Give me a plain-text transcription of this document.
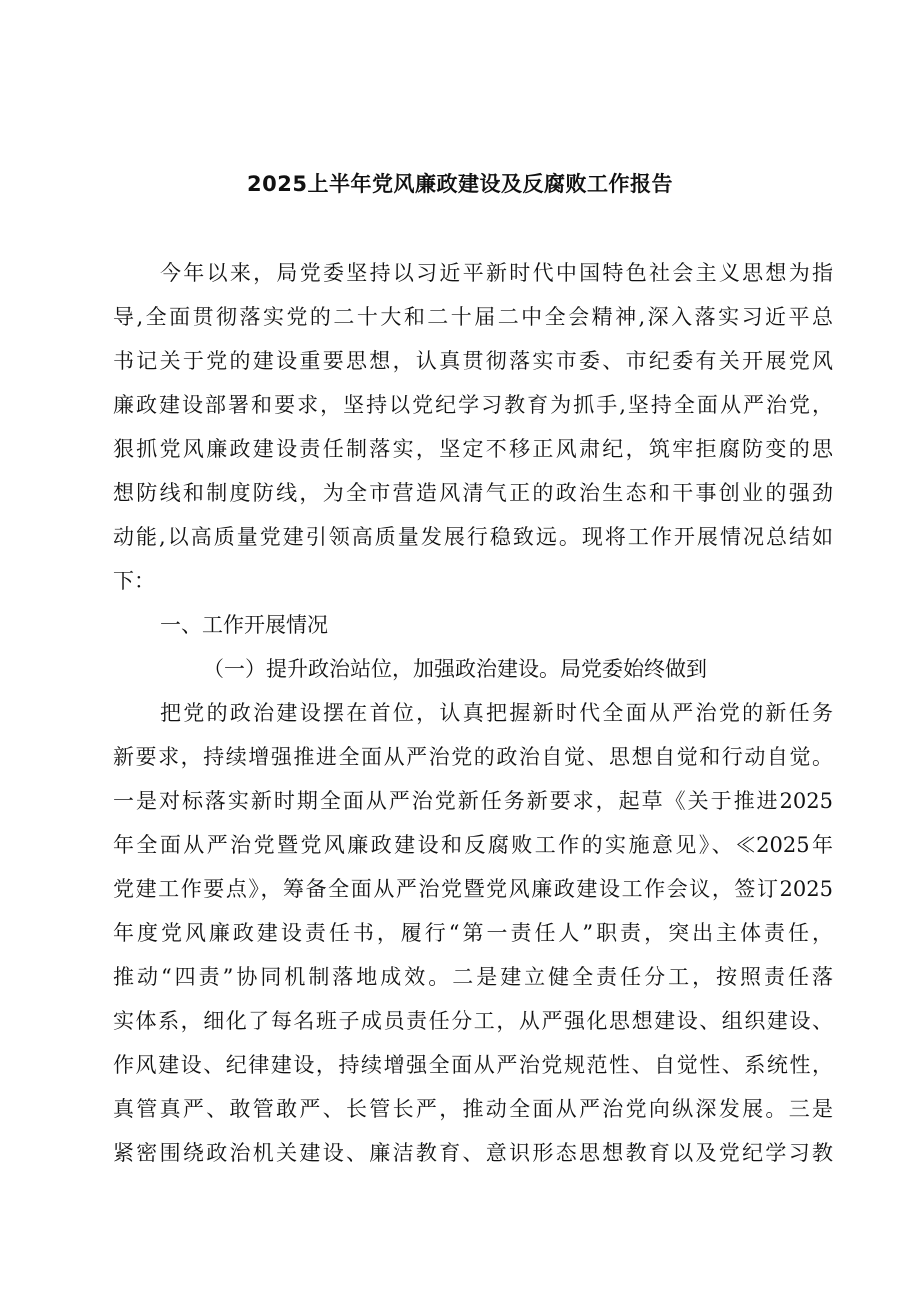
2025上半年党风廉政建设及反腐败工作报告
今年以来，局党委坚持以习近平新时代中国特色社会主义思想为指
导,全面贯彻落实党的二十大和二十届二中全会精神,深入落实习近平总
书记关于党的建设重要思想，认真贯彻落实市委、市纪委有关开展党风
廉政建设部署和要求，坚持以党纪学习教育为抓手,坚持全面从严治党，
狠抓党风廉政建设责任制落实，坚定不移正风肃纪，筑牢拒腐防变的思
想防线和制度防线，为全市营造风清气正的政治生态和干事创业的强劲
动能,以高质量党建引领高质量发展行稳致远。现将工作开展情况总结如
下：
一、工作开展情况
（一）提升政治站位，加强政治建设。局党委始终做到
把党的政治建设摆在首位，认真把握新时代全面从严治党的新任务
新要求，持续增强推进全面从严治党的政治自觉、思想自觉和行动自觉。
一是对标落实新时期全面从严治党新任务新要求，起草《关于推进2025
年全面从严治党暨党风廉政建设和反腐败工作的实施意见》、≪2025年
党建工作要点》，筹备全面从严治党暨党风廉政建设工作会议，签订2025
年度党风廉政建设责任书，履行“第一责任人”职责，突出主体责任，
推动“四责”协同机制落地成效。二是建立健全责任分工，按照责任落
实体系，细化了每名班子成员责任分工，从严强化思想建设、组织建设、
作风建设、纪律建设，持续增强全面从严治党规范性、自觉性、系统性，
真管真严、敢管敢严、长管长严，推动全面从严治党向纵深发展。三是
紧密围绕政治机关建设、廉洁教育、意识形态思想教育以及党纪学习教
